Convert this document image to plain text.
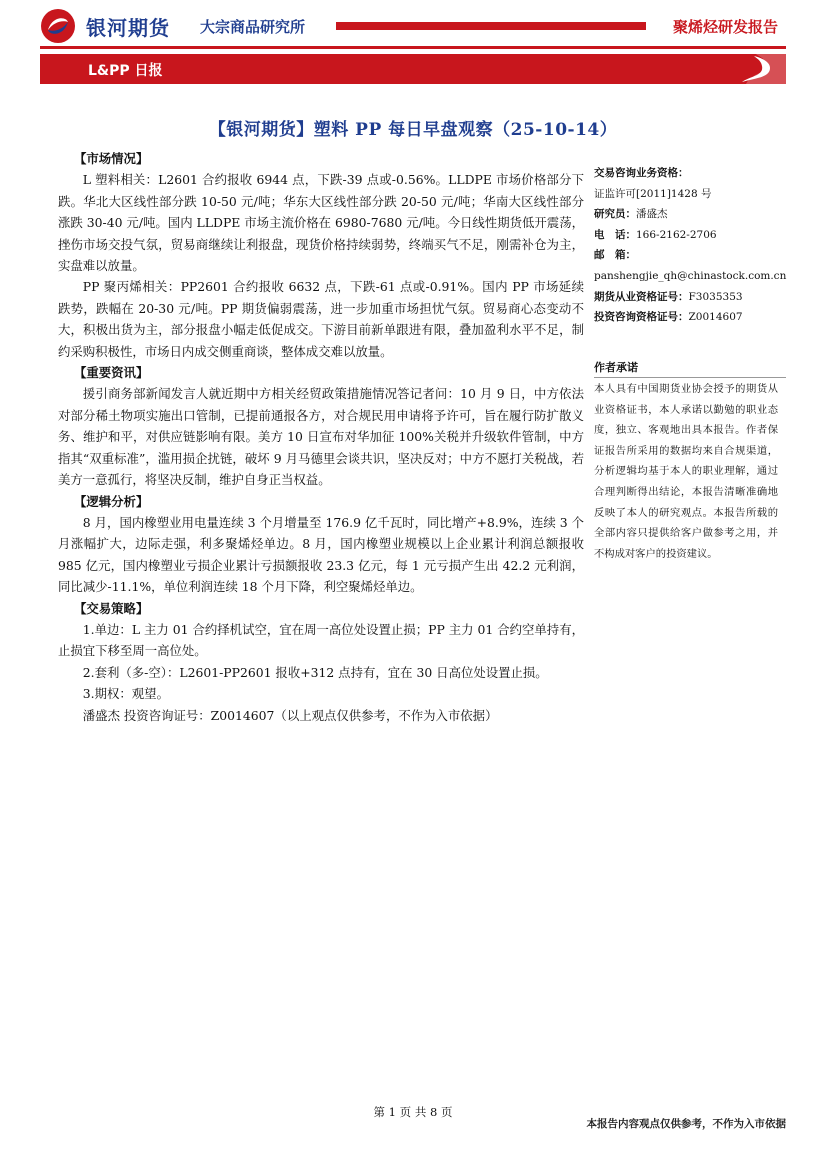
银河期货 大宗商品研究所	聚烯烃研发报告
L&PP 日报
【银河期货】塑料 PP 每日早盘观察（25-10-14）

【市场情况】

L 塑料相关：L2601 合约报收 6944 点，下跌-39 点或-0.56%。LLDPE 市场价格部分下跌。华北大区线性部分跌 10-50 元/吨；华东大区线性部分跌 20-50 元/吨；华南大区线性部分涨跌 30-40 元/吨。国内 LLDPE 市场主流价格在 6980-7680 元/吨。今日线性期货低开震荡，挫伤市场交投气氛，贸易商继续让利报盘，现货价格持续弱势，终端买气不足，刚需补仓为主，实盘难以放量。

PP 聚丙烯相关：PP2601 合约报收 6632 点，下跌-61 点或-0.91%。国内 PP 市场延续跌势，跌幅在 20-30 元/吨。PP 期货偏弱震荡，进一步加重市场担忧气氛。贸易商心态变动不大，积极出货为主，部分报盘小幅走低促成交。下游目前新单跟进有限，叠加盈利水平不足，制约采购积极性，市场日内成交侧重商谈，整体成交难以放量。

【重要资讯】

援引商务部新闻发言人就近期中方相关经贸政策措施情况答记者问：10 月 9 日，中方依法对部分稀土物项实施出口管制，已提前通报各方，对合规民用申请将予许可，旨在履行防扩散义务、维护和平，对供应链影响有限。美方 10 日宣布对华加征 100%关税并升级软件管制，中方指其“双重标准”，滥用损企扰链，破坏 9 月马德里会谈共识，坚决反对；中方不愿打关税战，若美方一意孤行，将坚决反制，维护自身正当权益。

【逻辑分析】

8 月，国内橡塑业用电量连续 3 个月增量至 176.9 亿千瓦时，同比增产+8.9%，连续 3 个月涨幅扩大，边际走强，利多聚烯烃单边。8 月，国内橡塑业规模以上企业累计利润总额报收 985 亿元，国内橡塑业亏损企业累计亏损额报收 23.3 亿元，每 1 元亏损产生出 42.2 元利润，同比减少-11.1%，单位利润连续 18 个月下降，利空聚烯烃单边。

【交易策略】

1.单边：L 主力 01 合约择机试空，宜在周一高位处设置止损；PP 主力 01 合约空单持有，止损宜下移至周一高位处。

2.套利（多-空）：L2601-PP2601 报收+312 点持有，宜在 30 日高位处设置止损。

3.期权：观望。

潘盛杰 投资咨询证号：Z0014607（以上观点仅供参考，不作为入市依据）

交易咨询业务资格：

证监许可[2011]1428 号

研究员：潘盛杰

电　话：166-2162-2706

邮　箱：

panshengjie_qh@chinastock.com.cn

期货从业资格证号：F3035353

投资咨询资格证号：Z0014607

作者承诺
本人具有中国期货业协会授予的期货从业资格证书，本人承诺以勤勉的职业态度，独立、客观地出具本报告。作者保证报告所采用的数据均来自合规渠道，分析逻辑均基于本人的职业理解，通过合理判断得出结论，本报告清晰准确地反映了本人的研究观点。本报告所载的全部内容只提供给客户做参考之用，并不构成对客户的投资建议。
第 1 页 共 8 页
本报告内容观点仅供参考，不作为入市依据
